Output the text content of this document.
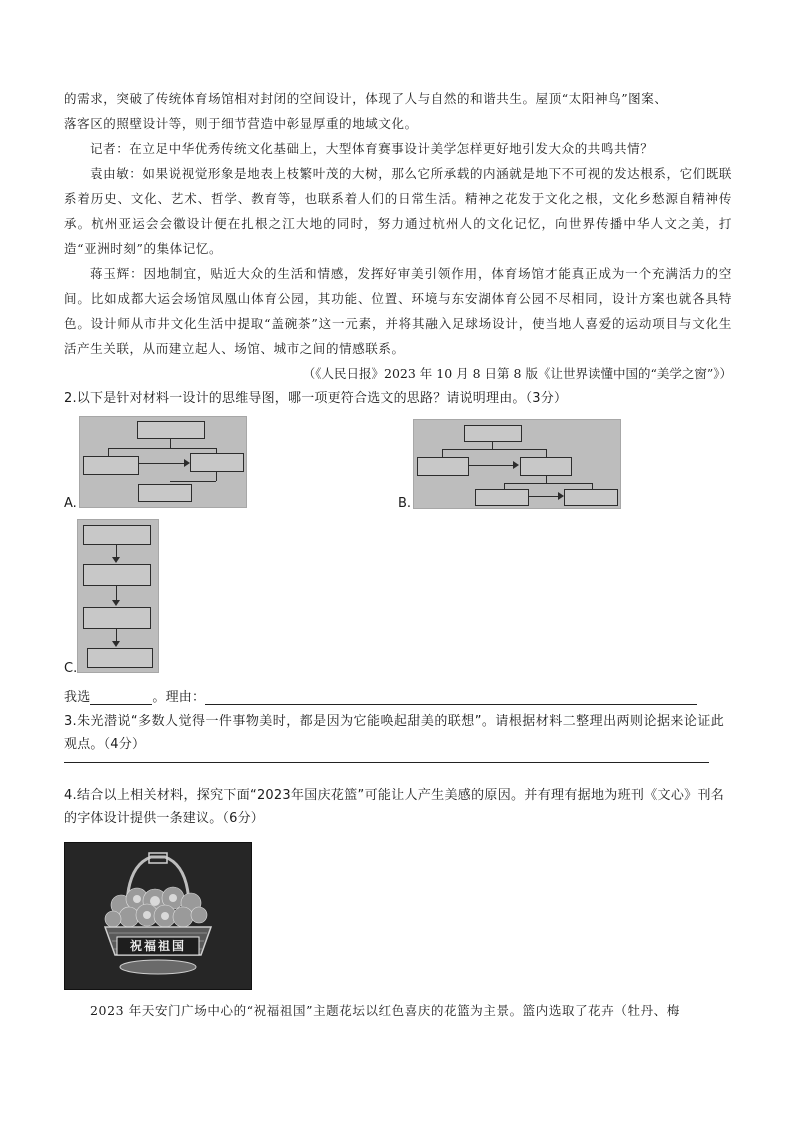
的需求，突破了传统体育场馆相对封闭的空间设计，体现了人与自然的和谐共生。屋顶“太阳神鸟”图案、

落客区的照壁设计等，则于细节营造中彰显厚重的地域文化。

记者：在立足中华优秀传统文化基础上，大型体育赛事设计美学怎样更好地引发大众的共鸣共情？

袁由敏：如果说视觉形象是地表上枝繁叶茂的大树，那么它所承载的内涵就是地下不可视的发达根系，它们既联系着历史、文化、艺术、哲学、教育等，也联系着人们的日常生活。精神之花发于文化之根，文化乡愁源自精神传承。杭州亚运会会徽设计便在扎根之江大地的同时，努力通过杭州人的文化记忆，向世界传播中华人文之美，打造“亚洲时刻”的集体记忆。

蒋玉辉：因地制宜，贴近大众的生活和情感，发挥好审美引领作用，体育场馆才能真正成为一个充满活力的空间。比如成都大运会场馆凤凰山体育公园，其功能、位置、环境与东安湖体育公园不尽相同，设计方案也就各具特色。设计师从市井文化生活中提取“盖碗茶”这一元素，并将其融入足球场设计，使当地人喜爱的运动项目与文化生活产生关联，从而建立起人、场馆、城市之间的情感联系。

（《人民日报》2023 年 10 月 8 日第 8 版《让世界读懂中国的“美学之窗”》）

2.以下是针对材料一设计的思维导图，哪一项更符合选文的思路？请说明理由。（3分）

A.	B.
C.
我选	。理由：

3.朱光潜说“多数人觉得一件事物美时，都是因为它能唤起甜美的联想”。请根据材料二整理出两则论据来论证此观点。（4分）

4.结合以上相关材料，探究下面“2023年国庆花篮”可能让人产生美感的原因。并有理有据地为班刊《文心》刊名的字体设计提供一条建议。（6分）

祝福祖国

2023 年天安门广场中心的“祝福祖国”主题花坛以红色喜庆的花篮为主景。篮内选取了花卉（牡丹、梅
